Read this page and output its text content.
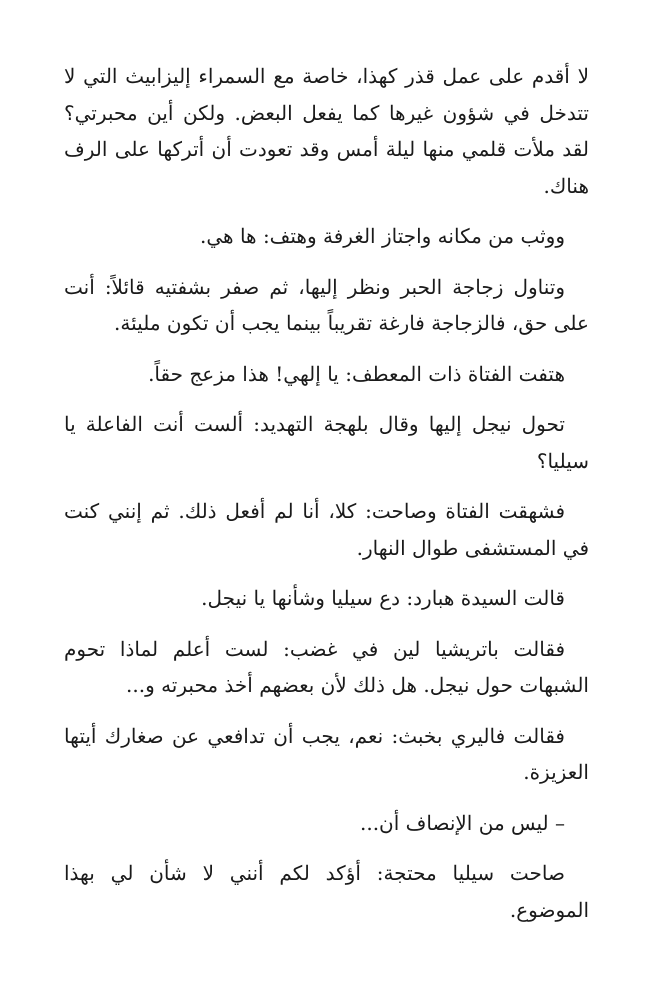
لا أقدم على عمل قذر كهذا، خاصة مع السمراء إليزابيث التي لا تتدخل في شؤون غيرها كما يفعل البعض. ولكن أين محبرتي؟ لقد ملأت قلمي منها ليلة أمس وقد تعودت أن أتركها على الرف هناك.

ووثب من مكانه واجتاز الغرفة وهتف: ها هي.

وتناول زجاجة الحبر ونظر إليها، ثم صفر بشفتيه قائلاً: أنت على حق، فالزجاجة فارغة تقريباً بينما يجب أن تكون مليئة.

هتفت الفتاة ذات المعطف: يا إلهي! هذا مزعج حقاً.

تحول نيجل إليها وقال بلهجة التهديد: ألست أنت الفاعلة يا سيليا؟

فشهقت الفتاة وصاحت: كلا، أنا لم أفعل ذلك. ثم إنني كنت في المستشفى طوال النهار.

قالت السيدة هبارد: دع سيليا وشأنها يا نيجل.

فقالت باتريشيا لين في غضب: لست أعلم لماذا تحوم الشبهات حول نيجل. هل ذلك لأن بعضهم أخذ محبرته و...

فقالت فاليري بخبث: نعم، يجب أن تدافعي عن صغارك أيتها العزيزة.

– ليس من الإنصاف أن...

صاحت سيليا محتجة: أؤكد لكم أنني لا شأن لي بهذا الموضوع.
